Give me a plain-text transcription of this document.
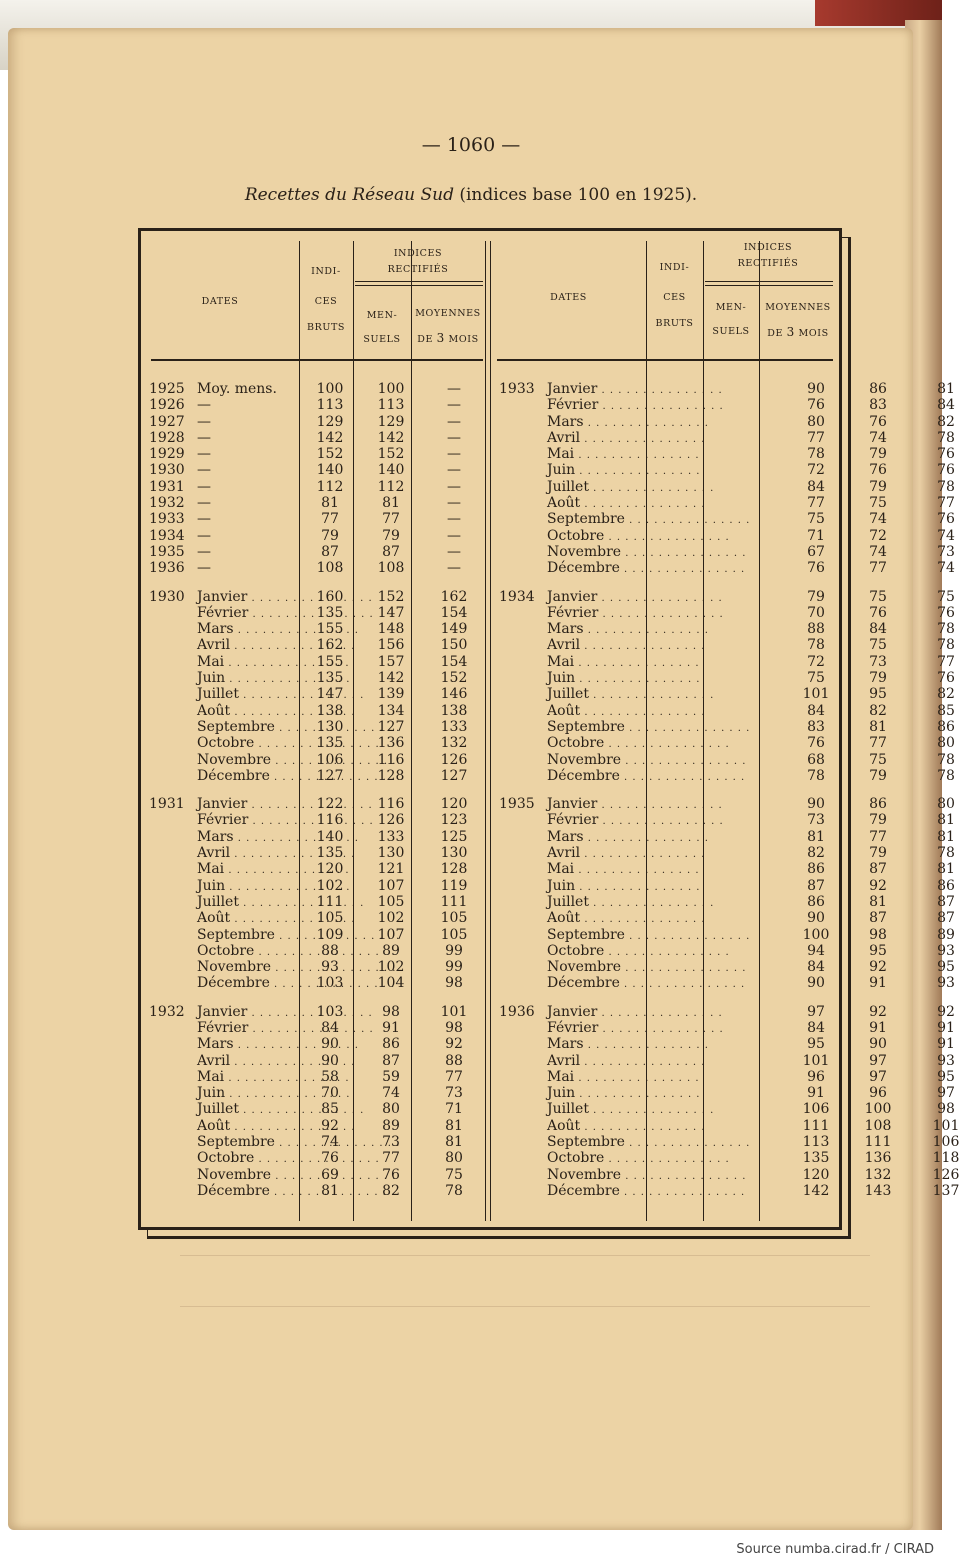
— 1060 —
Recettes du Réseau Sud (indices base 100 en 1925).
DATES
INDI-
CES
BRUTS
INDICES
RECTIFIÉS
MEN-
SUELS
MOYENNES
DE 3 MOIS
1925 Moy. mens.	100	100	—
1926 —	113	113	—
1927 —	129	129	—
1928 —	142	142	—
1929 —	152	152	—
1930 —	140	140	—
1931 —	112	112	—
1932 —	81	81	—
1933 —	77	77	—
1934 —	79	79	—
1935 —	87	87	—
1936 —	108	108	—
1930 Janvier . . .	160	152	162
Février . . .	135	147	154
Mars . . .	155	148	149
Avril . . .	162	156	150
Mai . . .	155	157	154
Juin . . .	135	142	152
Juillet . . .	147	139	146
Août . . .	138	134	138
Septembre . . .	130	127	133
Octobre . . .	135	136	132
Novembre . . .	106	116	126
Décembre . . .	127	128	127
1931 Janvier . . .	122	116	120
Février . . .	116	126	123
Mars . . .	140	133	125
Avril . . .	135	130	130
Mai . . .	120	121	128
Juin . . .	102	107	119
Juillet . . .	111	105	111
Août . . .	105	102	105
Septembre . . .	109	107	105
Octobre . . .	88	89	99
Novembre . . .	93	102	99
Décembre . . .	103	104	98
1932 Janvier . . .	103	98	101
Février . . .	84	91	98
Mars . . .	90	86	92
Avril . . .	90	87	88
Mai . . .	58	59	77
Juin . . .	70	74	73
Juillet . . .	85	80	71
Août . . .	92	89	81
Septembre . . .	74	73	81
Octobre . . .	76	77	80
Novembre . . .	69	76	75
Décembre . . .	81	82	78
DATES
INDI-
CES
BRUTS
INDICES
RECTIFIÉS
MEN-
SUELS
MOYENNES
DE 3 MOIS
1933 Janvier . . .	90	86	81
Février . . .	76	83	84
Mars . . .	80	76	82
Avril . . .	77	74	78
Mai . . .	78	79	76
Juin . . .	72	76	76
Juillet . . .	84	79	78
Août . . .	77	75	77
Septembre . . .	75	74	76
Octobre . . .	71	72	74
Novembre . . .	67	74	73
Décembre . . .	76	77	74
1934 Janvier . . .	79	75	75
Février . . .	70	76	76
Mars . . .	88	84	78
Avril . . .	78	75	78
Mai . . .	72	73	77
Juin . . .	75	79	76
Juillet . . .	101	95	82
Août . . .	84	82	85
Septembre . . .	83	81	86
Octobre . . .	76	77	80
Novembre . . .	68	75	78
Décembre . . .	78	79	78
1935 Janvier . . .	90	86	80
Février . . .	73	79	81
Mars . . .	81	77	81
Avril . . .	82	79	78
Mai . . .	86	87	81
Juin . . .	87	92	86
Juillet . . .	86	81	87
Août . . .	90	87	87
Septembre . . .	100	98	89
Octobre . . .	94	95	93
Novembre . . .	84	92	95
Décembre . . .	90	91	93
1936 Janvier . . .	97	92	92
Février . . .	84	91	91
Mars . . .	95	90	91
Avril . . .	101	97	93
Mai . . .	96	97	95
Juin . . .	91	96	97
Juillet . . .	106	100	98
Août . . .	111	108	101
Septembre . . .	113	111	106
Octobre . . .	135	136	118
Novembre . . .	120	132	126
Décembre . . .	142	143	137
Source numba.cirad.fr / CIRAD
